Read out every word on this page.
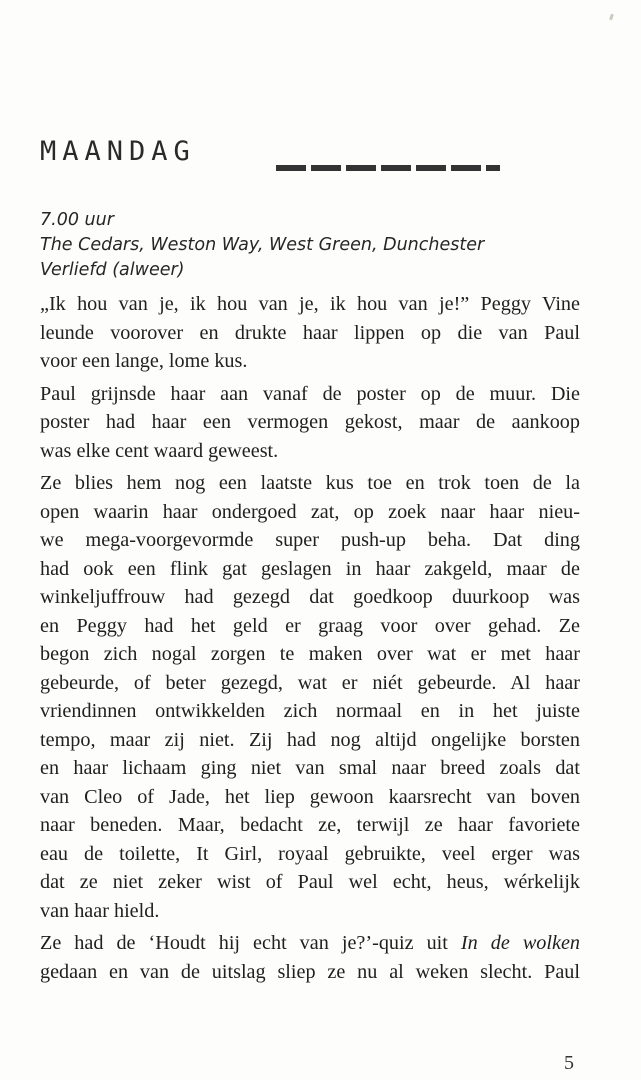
MAANDAG
7.00 uur
The Cedars, Weston Way, West Green, Dunchester
Verliefd (alweer)
„Ik hou van je, ik hou van je, ik hou van je!” Peggy Vine
leunde voorover en drukte haar lippen op die van Paul
voor een lange, lome kus.
Paul grijnsde haar aan vanaf de poster op de muur. Die
poster had haar een vermogen gekost, maar de aankoop
was elke cent waard geweest.
Ze blies hem nog een laatste kus toe en trok toen de la
open waarin haar ondergoed zat, op zoek naar haar nieu-
we mega-voorgevormde super push-up beha. Dat ding
had ook een flink gat geslagen in haar zakgeld, maar de
winkeljuffrouw had gezegd dat goedkoop duurkoop was
en Peggy had het geld er graag voor over gehad. Ze
begon zich nogal zorgen te maken over wat er met haar
gebeurde, of beter gezegd, wat er niét gebeurde. Al haar
vriendinnen ontwikkelden zich normaal en in het juiste
tempo, maar zij niet. Zij had nog altijd ongelijke borsten
en haar lichaam ging niet van smal naar breed zoals dat
van Cleo of Jade, het liep gewoon kaarsrecht van boven
naar beneden. Maar, bedacht ze, terwijl ze haar favoriete
eau de toilette, It Girl, royaal gebruikte, veel erger was
dat ze niet zeker wist of Paul wel echt, heus, wérkelijk
van haar hield.
Ze had de ‘Houdt hij echt van je?’-quiz uit In de wolken
gedaan en van de uitslag sliep ze nu al weken slecht. Paul
5
